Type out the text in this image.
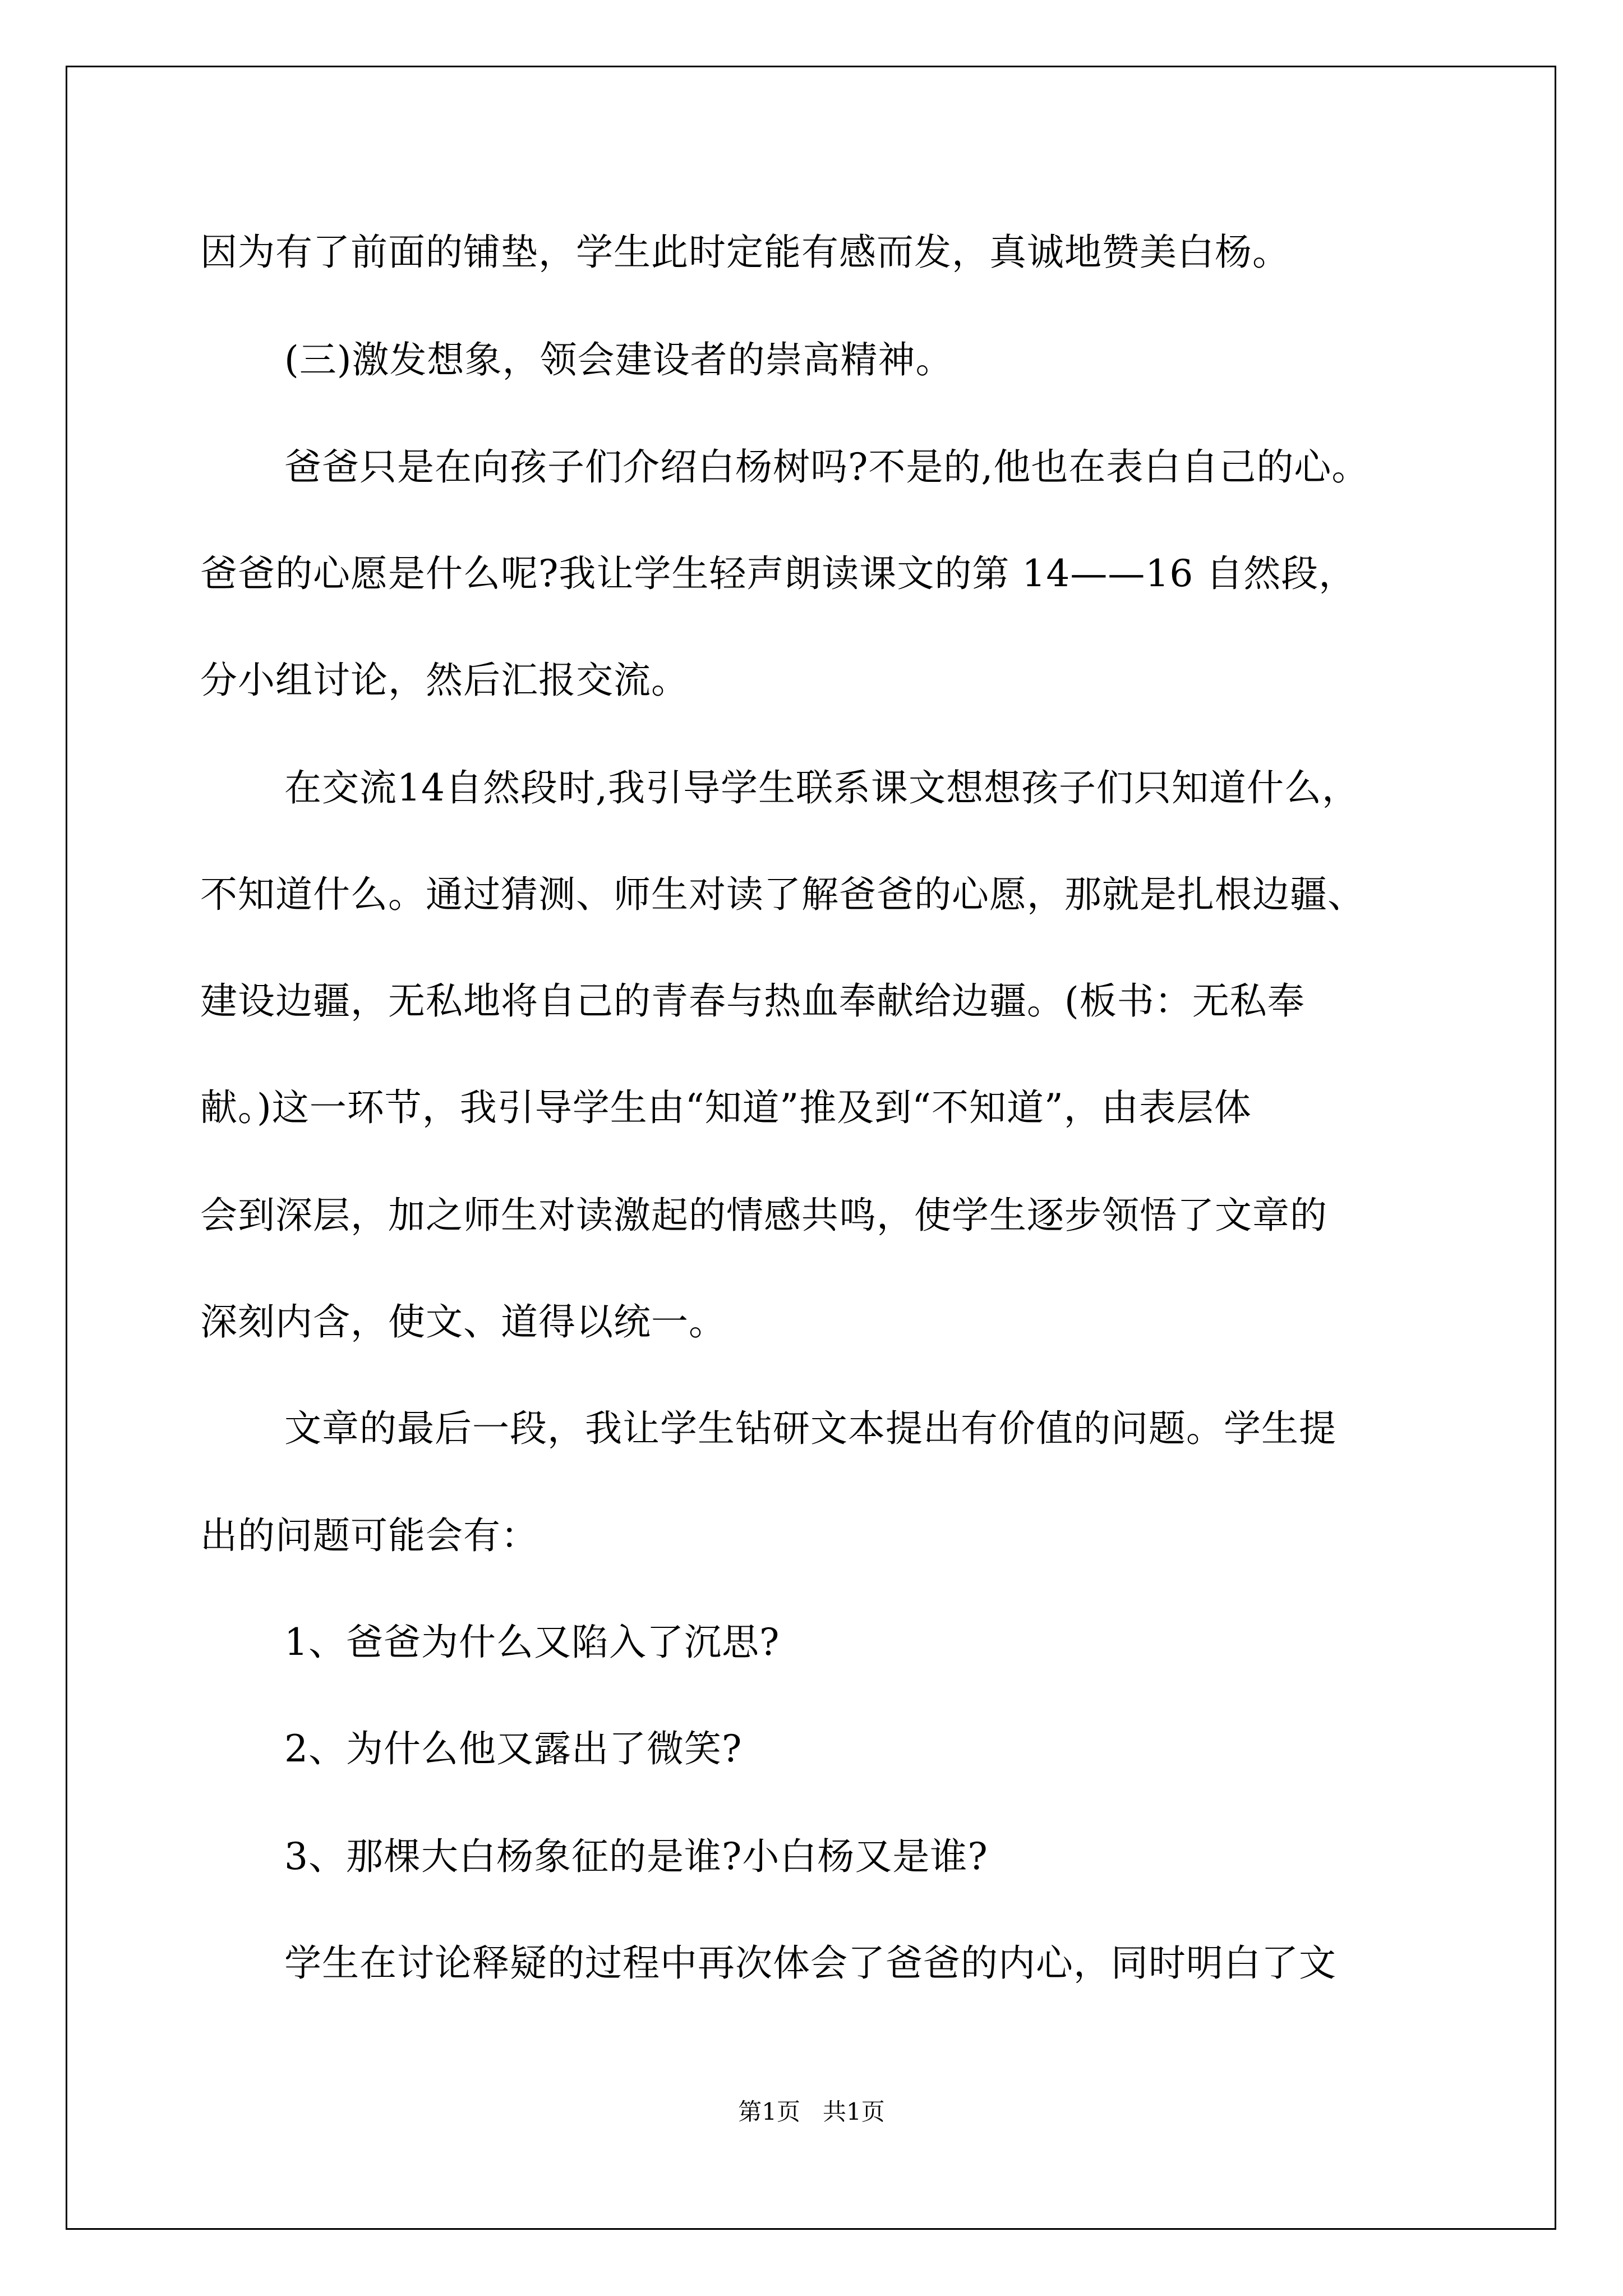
因为有了前面的铺垫，学生此时定能有感而发，真诚地赞美白杨。
(三)激发想象，领会建设者的崇高精神。
爸爸只是在向孩子们介绍白杨树吗?不是的,他也在表白自己的心。
爸爸的心愿是什么呢?我让学生轻声朗读课文的第 14——16 自然段，
分小组讨论，然后汇报交流。
在交流14自然段时,我引导学生联系课文想想孩子们只知道什么，
不知道什么。通过猜测、师生对读了解爸爸的心愿，那就是扎根边疆、
建设边疆，无私地将自己的青春与热血奉献给边疆。(板书：无私奉
献。)这一环节，我引导学生由“知道”推及到“不知道”，由表层体
会到深层，加之师生对读激起的情感共鸣，使学生逐步领悟了文章的
深刻内含，使文、道得以统一。
文章的最后一段，我让学生钻研文本提出有价值的问题。学生提
出的问题可能会有：
1、爸爸为什么又陷入了沉思?
2、为什么他又露出了微笑?
3、那棵大白杨象征的是谁?小白杨又是谁?
学生在讨论释疑的过程中再次体会了爸爸的内心，同时明白了文
第1页   共1页
